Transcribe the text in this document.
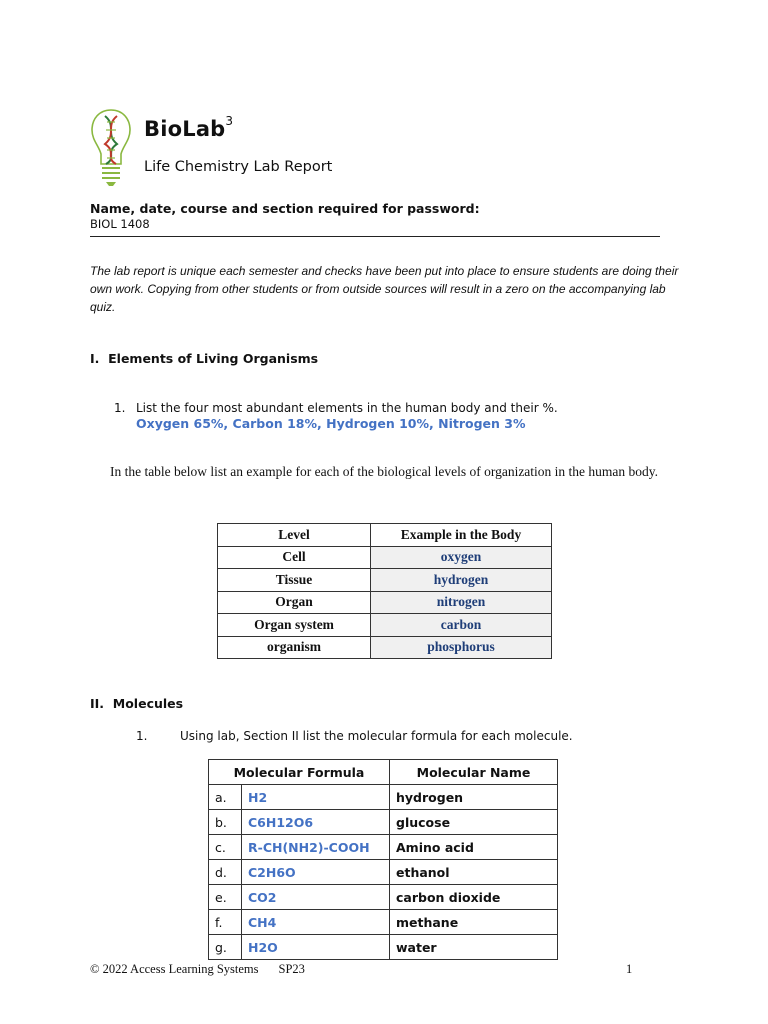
BioLab$^3$
Life Chemistry Lab Report
Name, date, course and section required for password:
BIOL 1408
The lab report is unique each semester and checks have been put into place to ensure students are doing their own work. Copying from other students or from outside sources will result in a zero on the accompanying lab quiz.
I. Elements of Living Organisms
1. List the four most abundant elements in the human body and their %.
Oxygen 65%, Carbon 18%, Hydrogen 10%, Nitrogen 3%
In the table below list an example for each of the biological levels of organization in the human body.
Level	Example in the Body
Cell	oxygen
Tissue	hydrogen
Organ	nitrogen
Organ system	carbon
organism	phosphorus
II. Molecules
1.	Using lab, Section II list the molecular formula for each molecule.
Molecular Formula		Molecular Name
a.	H2	hydrogen
b.	C6H12O6	glucose
c.	R-CH(NH2)-COOH	Amino acid
d.	C2H6O	ethanol
e.	CO2	carbon dioxide
f.	CH4	methane
g.	H2O	water
© 2022 Access Learning Systems SP23	1
